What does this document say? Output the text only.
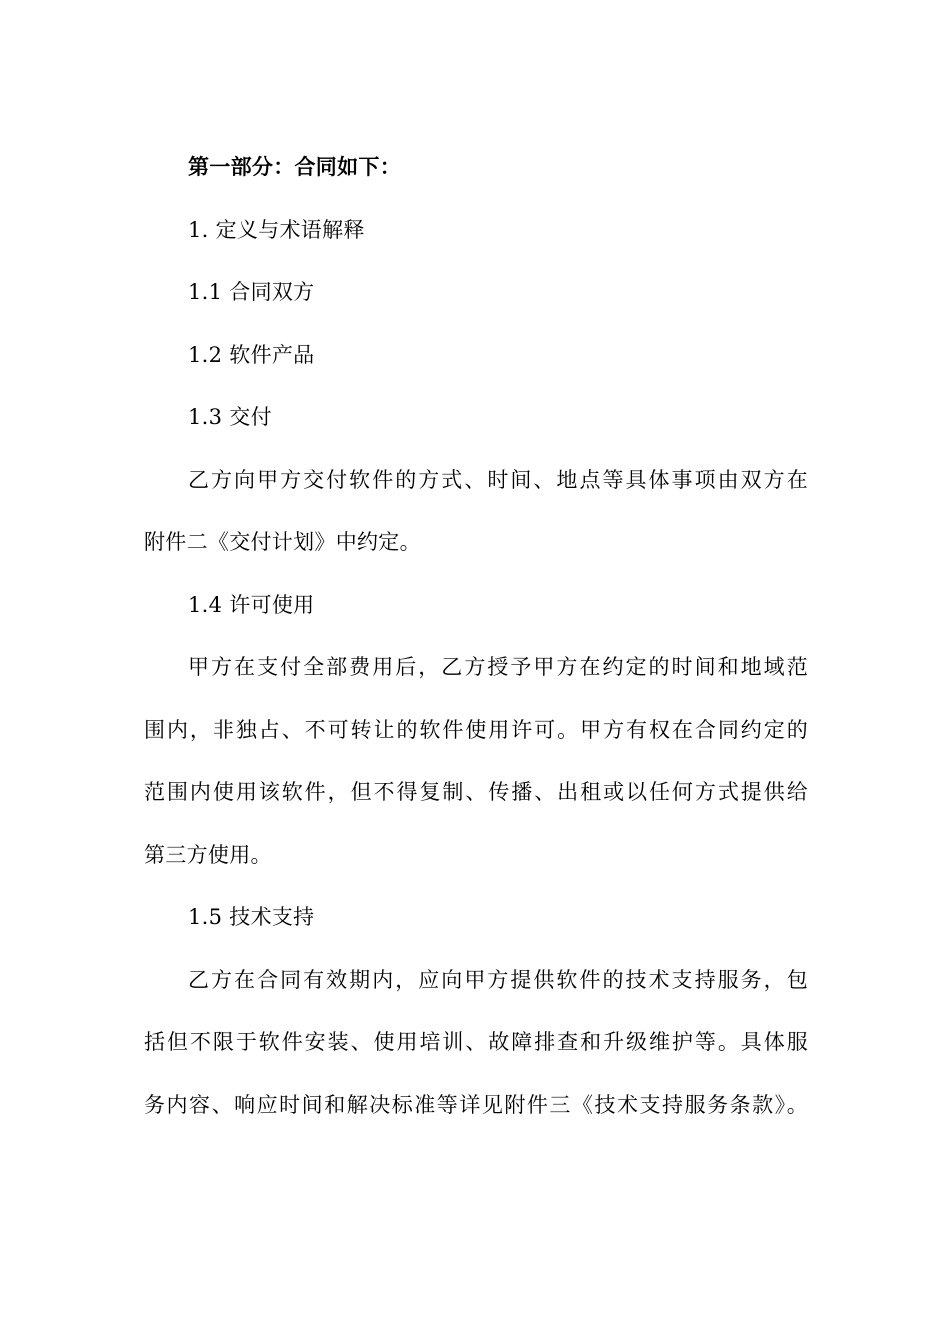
第一部分：合同如下：
1. 定义与术语解释
1.1 合同双方
1.2 软件产品
1.3 交付
乙方向甲方交付软件的方式、时间、地点等具体事项由双方在
附件二《交付计划》中约定。
1.4 许可使用
甲方在支付全部费用后，乙方授予甲方在约定的时间和地域范
围内，非独占、不可转让的软件使用许可。甲方有权在合同约定的
范围内使用该软件，但不得复制、传播、出租或以任何方式提供给
第三方使用。
1.5 技术支持
乙方在合同有效期内，应向甲方提供软件的技术支持服务，包
括但不限于软件安装、使用培训、故障排查和升级维护等。具体服
务内容、响应时间和解决标准等详见附件三《技术支持服务条款》。
